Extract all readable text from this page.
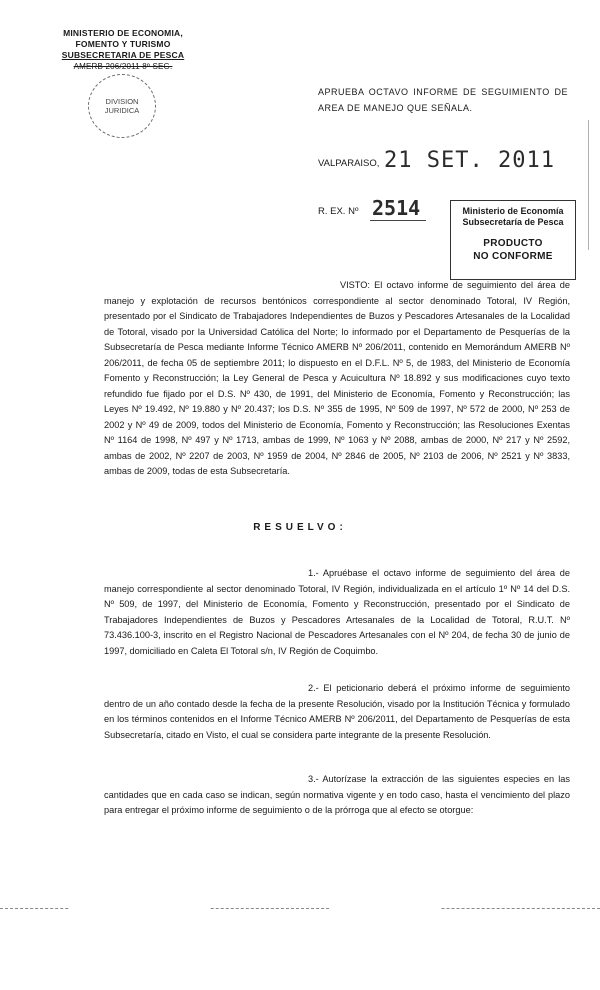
MINISTERIO DE ECONOMIA,
FOMENTO Y TURISMO
SUBSECRETARIA DE PESCA
AMERB 206/2011 8º SEG.
DIVISION
JURIDICA
APRUEBA OCTAVO INFORME DE SEGUIMIENTO DE AREA DE MANEJO QUE SEÑALA.
VALPARAISO, 21 SET. 2011
R. EX. Nº 2514	Ministerio de Economía
Subsecretaría de Pesca
PRODUCTO
NO CONFORME
VISTO: El octavo informe de seguimiento del área de manejo y explotación de recursos bentónicos correspondiente al sector denominado Totoral, IV Región, presentado por el Sindicato de Trabajadores Independientes de Buzos y Pescadores Artesanales de la Localidad de Totoral, visado por la Universidad Católica del Norte; lo informado por el Departamento de Pesquerías de la Subsecretaría de Pesca mediante Informe Técnico AMERB Nº 206/2011, contenido en Memorándum AMERB Nº 206/2011, de fecha 05 de septiembre 2011; lo dispuesto en el D.F.L. Nº 5, de 1983, del Ministerio de Economía Fomento y Reconstrucción; la Ley General de Pesca y Acuicultura Nº 18.892 y sus modificaciones cuyo texto refundido fue fijado por el D.S. Nº 430, de 1991, del Ministerio de Economía, Fomento y Reconstrucción; las Leyes Nº 19.492, Nº 19.880 y Nº 20.437; los D.S. Nº 355 de 1995, Nº 509 de 1997, Nº 572 de 2000, Nº 253 de 2002 y Nº 49 de 2009, todos del Ministerio de Economía, Fomento y Reconstrucción; las Resoluciones Exentas Nº 1164 de 1998, Nº 497 y Nº 1713, ambas de 1999, Nº 1063 y Nº 2088, ambas de 2000, Nº 217 y Nº 2592, ambas de 2002, Nº 2207 de 2003, Nº 1959 de 2004, Nº 2846 de 2005, Nº 2103 de 2006, Nº 2521 y Nº 3833, ambas de 2009, todas de esta Subsecretaría.
RESUELVO:
1.- Apruébase el octavo informe de seguimiento del área de manejo correspondiente al sector denominado Totoral, IV Región, individualizada en el artículo 1º Nº 14 del D.S. Nº 509, de 1997, del Ministerio de Economía, Fomento y Reconstrucción, presentado por el Sindicato de Trabajadores Independientes de Buzos y Pescadores Artesanales de la Localidad de Totoral, R.U.T. Nº 73.436.100-3, inscrito en el Registro Nacional de Pescadores Artesanales con el Nº 204, de fecha 30 de junio de 1997, domiciliado en Caleta El Totoral s/n, IV Región de Coquimbo.
2.- El peticionario deberá el próximo informe de seguimiento dentro de un año contado desde la fecha de la presente Resolución, visado por la Institución Técnica y formulado en los términos contenidos en el Informe Técnico AMERB Nº 206/2011, del Departamento de Pesquerías de esta Subsecretaría, citado en Visto, el cual se considera parte integrante de la presente Resolución.
3.- Autorízase la extracción de las siguientes especies en las cantidades que en cada caso se indican, según normativa vigente y en todo caso, hasta el vencimiento del plazo para entregar el próximo informe de seguimiento o de la prórroga que al efecto se otorgue:
